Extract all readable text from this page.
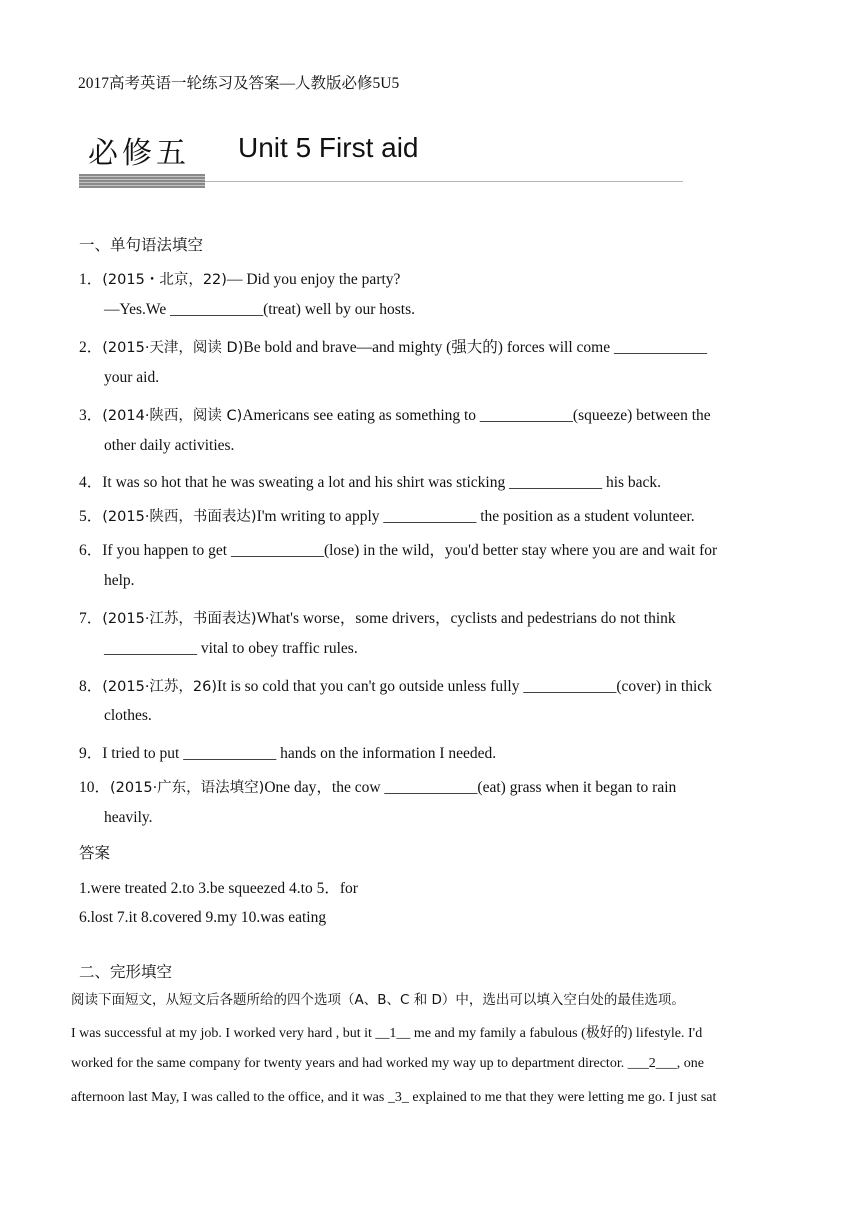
2017高考英语一轮练习及答案—人教版必修5U5
必修五 Unit 5 First aid
一、单句语法填空
1．(2015・北京，22)— Did you enjoy the party?
—Yes.We ____________(treat) well by our hosts.
2．(2015·天津，阅读 D)Be bold and brave—and mighty (强大的) forces will come ____________
your aid.
3．(2014·陕西，阅读 C)Americans see eating as something to ____________(squeeze) between the
other daily activities.
4．It was so hot that he was sweating a lot and his shirt was sticking ____________ his back.
5．(2015·陕西，书面表达)I'm writing to apply ____________ the position as a student volunteer.
6．If you happen to get ____________(lose) in the wild，you'd better stay where you are and wait for
help.
7．(2015·江苏，书面表达)What's worse，some drivers，cyclists and pedestrians do not think
____________ vital to obey traffic rules.
8．(2015·江苏，26)It is so cold that you can't go outside unless fully ____________(cover) in thick
clothes.
9．I tried to put ____________ hands on the information I needed.
10．(2015·广东，语法填空)One day，the cow ____________(eat) grass when it began to rain
heavily.
答案
1.were treated 2.to 3.be squeezed 4.to 5．for
6.lost 7.it 8.covered 9.my 10.was eating
二、完形填空
阅读下面短文，从短文后各题所给的四个选项（A、B、C 和 D）中，选出可以填入空白处的最佳选项。
I was successful at my job. I worked very hard , but it __1__ me and my family a fabulous (极好的) lifestyle. I'd
worked for the same company for twenty years and had worked my way up to department director. ___2___, one
afternoon last May, I was called to the office, and it was _3_ explained to me that they were letting me go. I just sat
